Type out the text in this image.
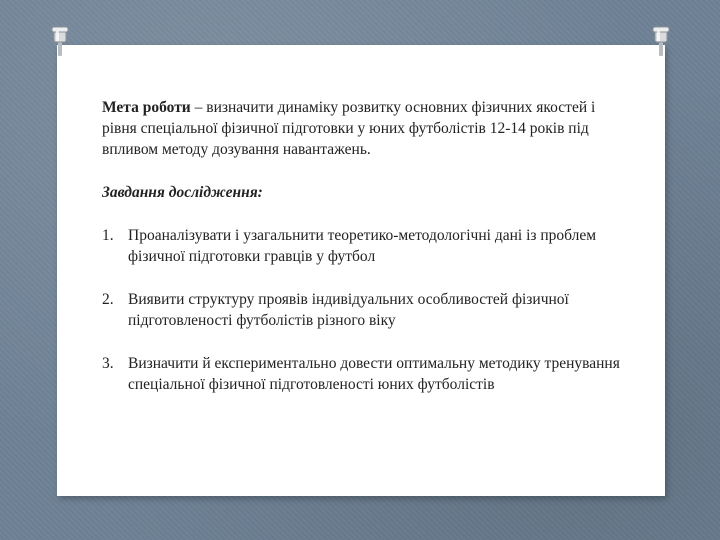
Мета роботи – визначити динаміку розвитку основних фізичних якостей і рівня спеціальної фізичної підготовки у юних футболістів 12-14 років під впливом методу дозування навантажень.

Завдання дослідження:

1. Проаналізувати і узагальнити теоретико-методологічні дані із проблем фізичної підготовки гравців у футбол
2. Виявити структуру проявів індивідуальних особливостей фізичної підготовленості футболістів різного віку
3. Визначити й експериментально довести оптимальну методику тренування спеціальної фізичної підготовленості юних футболістів
